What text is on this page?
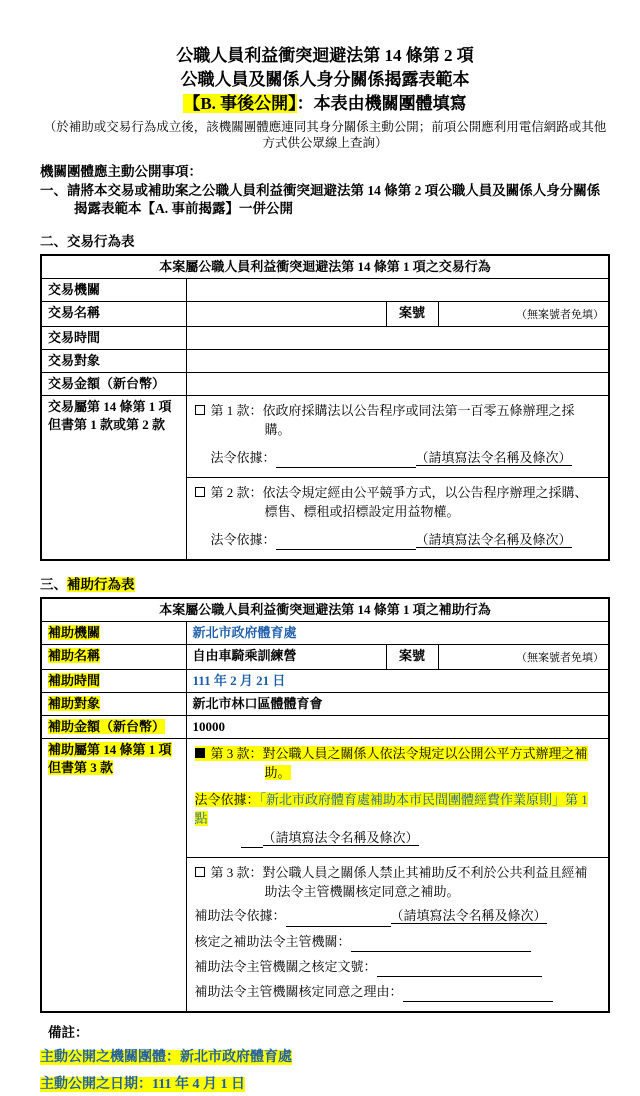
公職人員利益衝突迴避法第 14 條第 2 項
公職人員及關係人身分關係揭露表範本
【B. 事後公開】：本表由機關團體填寫
（於補助或交易行為成立後，該機關團體應連同其身分關係主動公開；前項公開應利用電信網路或其他方式供公眾線上查詢）
機關團體應主動公開事項：
一、請將本交易或補助案之公職人員利益衝突迴避法第 14 條第 2 項公職人員及關係人身分關係揭露表範本【A. 事前揭露】一併公開
二、交易行為表
本案屬公職人員利益衝突迴避法第 14 條第 1 項之交易行為			
交易機關			
交易名稱		案號	（無案號者免填）
交易時間			
交易對象			
交易金額（新台幣）			

交易屬第 14 條第 1 項
但書第 1 款或第 2 款

第 1 款：依政府採購法以公告程序或同法第一百零五條辦理之採購。
法令依據：	（請填寫法令名稱及條次）
第 2 款：依法令規定經由公平競爭方式，以公告程序辦理之採購、標售、標租或招標設定用益物權。
法令依據：	（請填寫法令名稱及條次）
三、補助行為表
本案屬公職人員利益衝突迴避法第 14 條第 1 項之補助行為			
補助機關	新北市政府體育處		
補助名稱	自由車騎乘訓練營	案號	（無案號者免填）
補助時間	111 年 2 月 21 日		
補助對象	新北市林口區體體育會		
補助金額（新台幣）	10000		

補助屬第 14 條第 1 項
但書第 3 款

第 3 款：對公職人員之關係人依法令規定以公開公平方式辦理之補助。
法令依據：「新北市政府體育處補助本市民間團體經費作業原則」第 1 點
（請填寫法令名稱及條次）
第 3 款：對公職人員之關係人禁止其補助反不利於公共利益且經補助法令主管機關核定同意之補助。
補助法令依據：	（請填寫法令名稱及條次）
核定之補助法令主管機關：
補助法令主管機關之核定文號：
補助法令主管機關核定同意之理由：
備註：
主動公開之機關團體：新北市政府體育處
主動公開之日期：111 年 4 月 1 日
